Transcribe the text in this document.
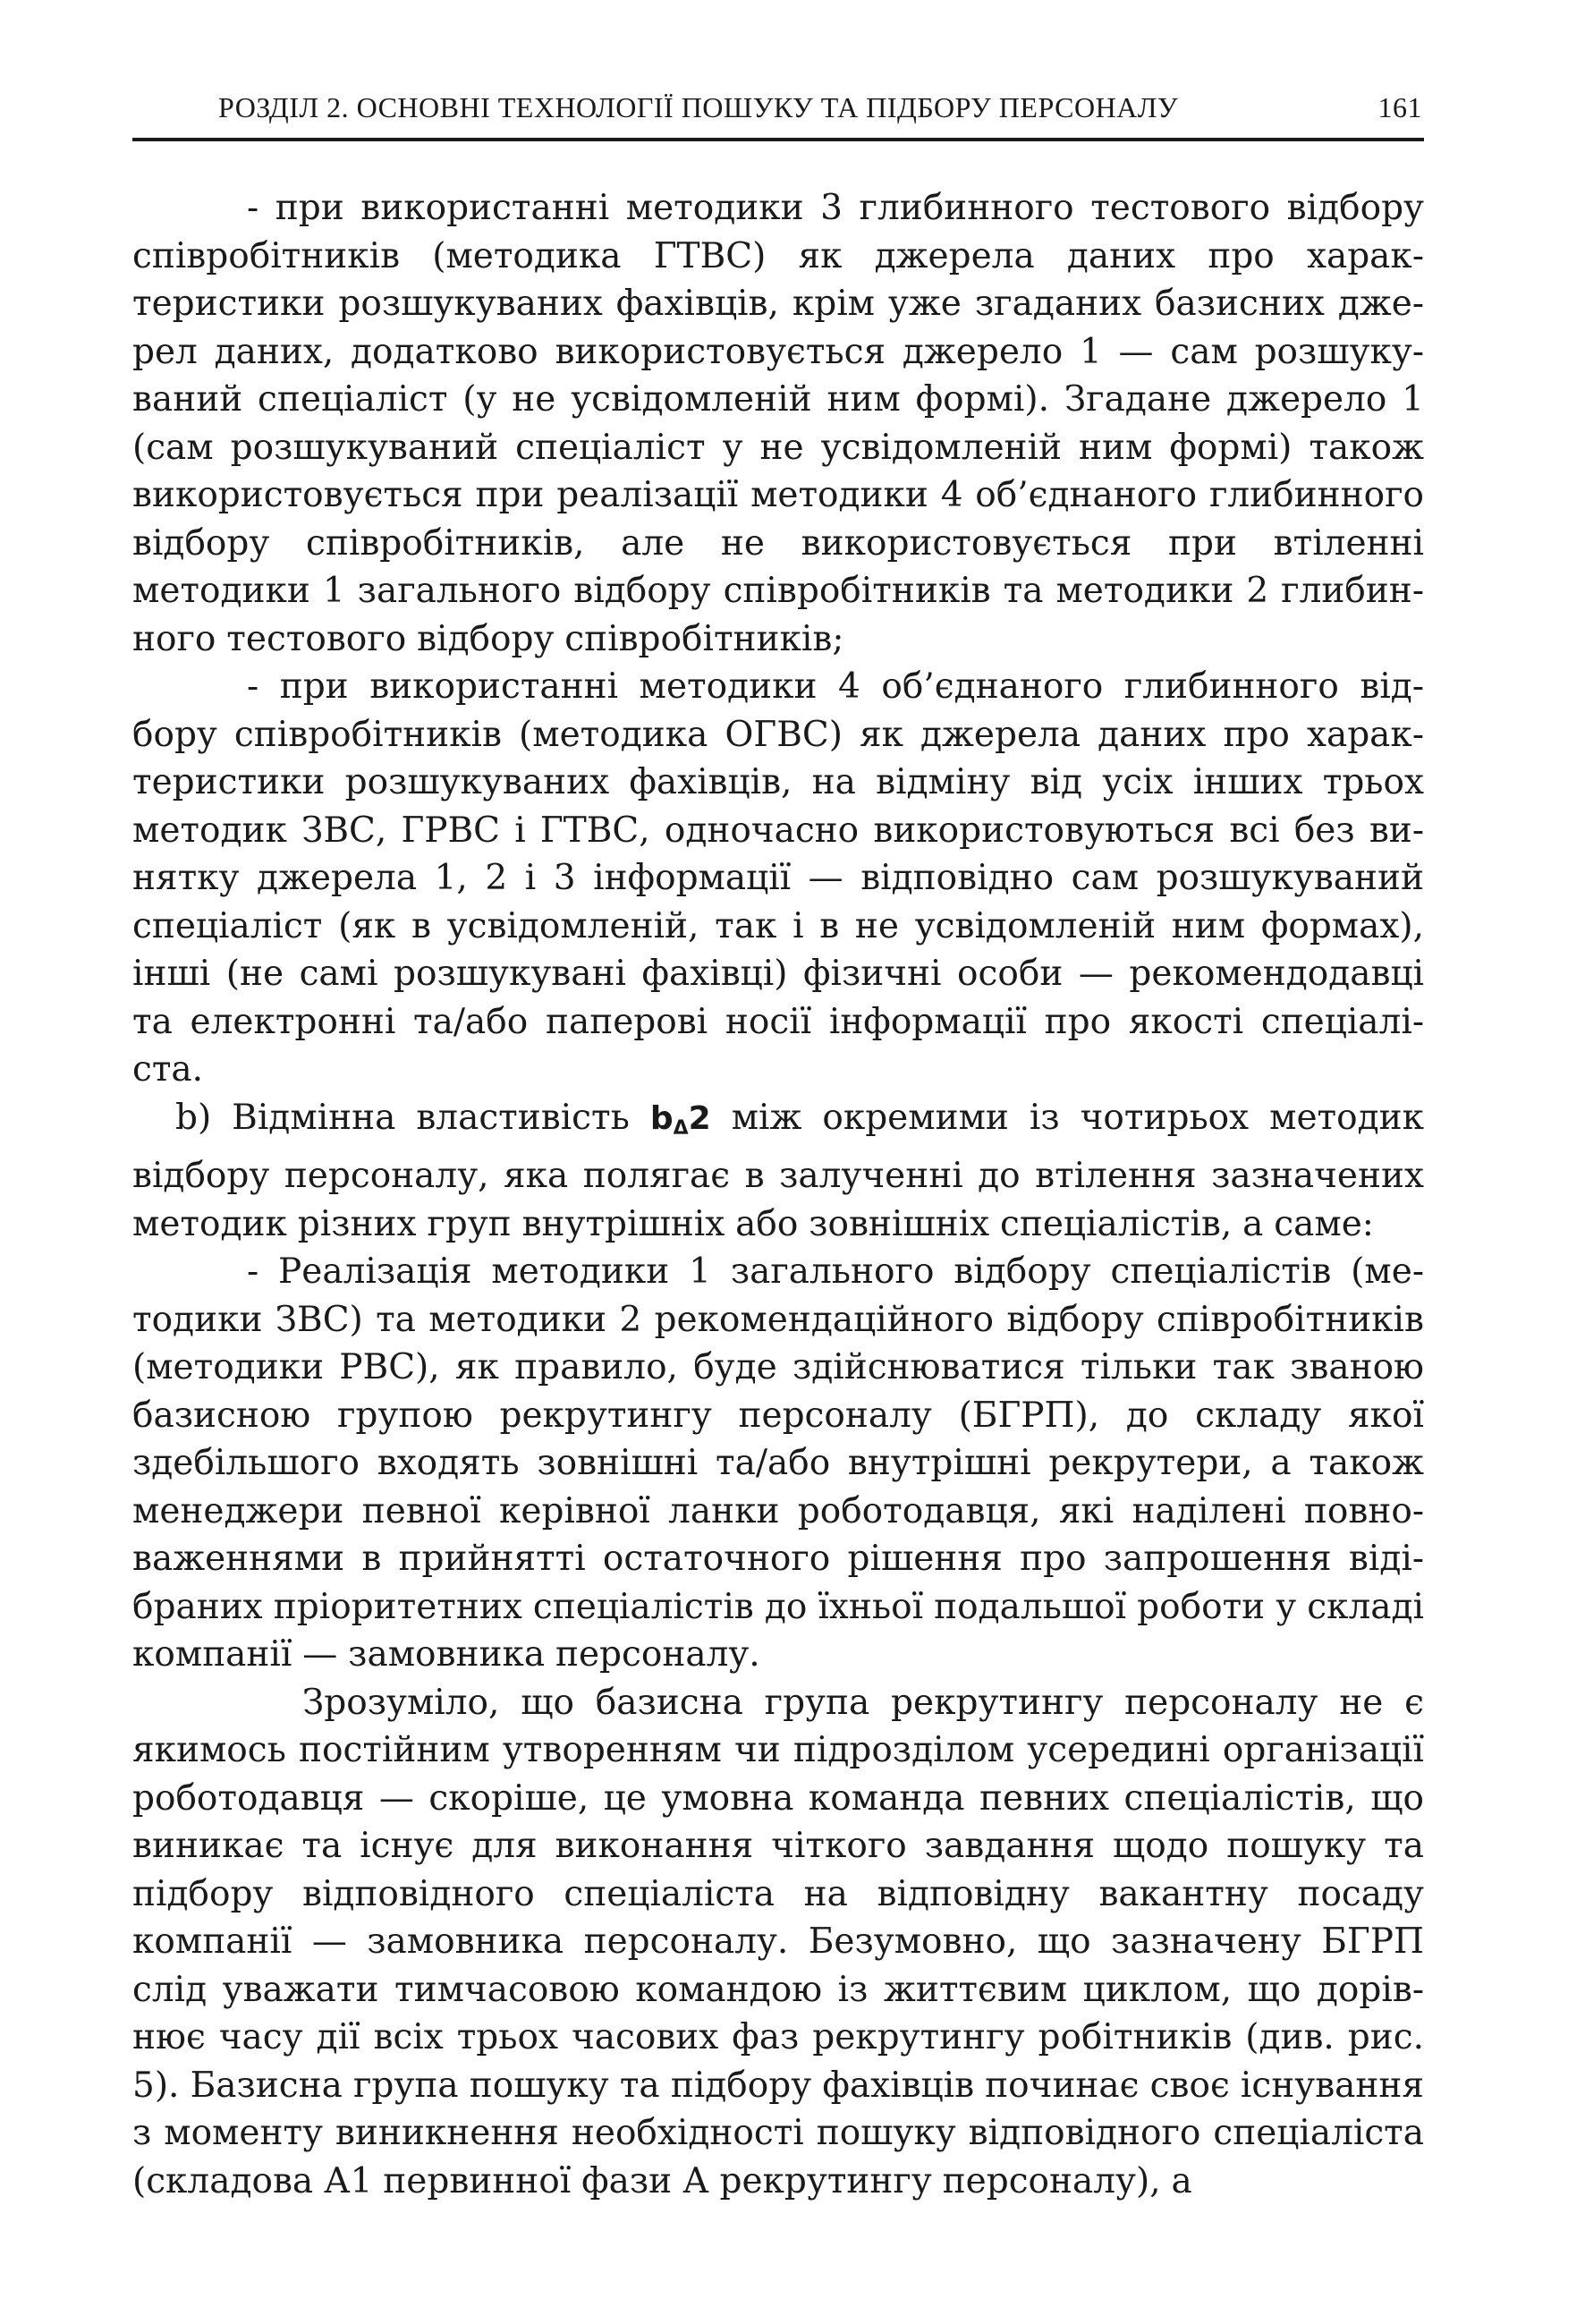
РОЗДІЛ 2. ОСНОВНІ ТЕХНОЛОГІЇ ПОШУКУ ТА ПІДБОРУ ПЕРСОНАЛУ	161

- при використанні методики 3 глибинного тестового відбору співробітників (методика ГТВС) як джерела даних про характеристики розшукуваних фахівців, крім уже згаданих базисних джерел даних, додатково використовується джерело 1 — сам розшукуваний спеціаліст (у не усвідомленій ним формі). Згадане джерело 1 (сам розшукуваний спеціаліст у не усвідомленій ним формі) також використовується при реалізації методики 4 об’єднаного глибинного відбору співробітників, але не використовується при втіленні методики 1 загального відбору співробітників та методики 2 глибинного тестового відбору співробітників;

- при використанні методики 4 об’єднаного глибинного відбору співробітників (методика ОГВС) як джерела даних про характеристики розшукуваних фахівців, на відміну від усіх інших трьох методик ЗВС, ГРВС і ГТВС, одночасно використовуються всі без винятку джерела 1, 2 і 3 інформації — відповідно сам розшукуваний спеціаліст (як в усвідомленій, так і в не усвідомленій ним формах), інші (не самі розшукувані фахівці) фізичні особи — рекомендодавці та електронні та/або паперові носії інформації про якості спеціаліста.

b) Відмінна властивість bΔ2 між окремими із чотирьох методик відбору персоналу, яка полягає в залученні до втілення зазначених методик різних груп внутрішніх або зовнішніх спеціалістів, а саме:

- Реалізація методики 1 загального відбору спеціалістів (методики ЗВС) та методики 2 рекомендаційного відбору співробітників (методики РВС), як правило, буде здійснюватися тільки так званою базисною групою рекрутингу персоналу (БГРП), до складу якої здебільшого входять зовнішні та/або внутрішні рекрутери, а також менеджери певної керівної ланки роботодавця, які наділені повноваженнями в прийнятті остаточного рішення про запрошення відібраних пріоритетних спеціалістів до їхньої подальшої роботи у складі компанії — замовника персоналу.

Зрозуміло, що базисна група рекрутингу персоналу не є якимось постійним утворенням чи підрозділом усередині організації роботодавця — скоріше, це умовна команда певних спеціалістів, що виникає та існує для виконання чіткого завдання щодо пошуку та підбору відповідного спеціаліста на відповідну вакантну посаду компанії — замовника персоналу. Безумовно, що зазначену БГРП слід уважати тимчасовою командою із життєвим циклом, що дорівнює часу дії всіх трьох часових фаз рекрутингу робітників (див. рис. 5). Базисна група пошуку та підбору фахівців починає своє існування з моменту виникнення необхідності пошуку відповідного спеціаліста (складова А1 первинної фази А рекрутингу персоналу), а
